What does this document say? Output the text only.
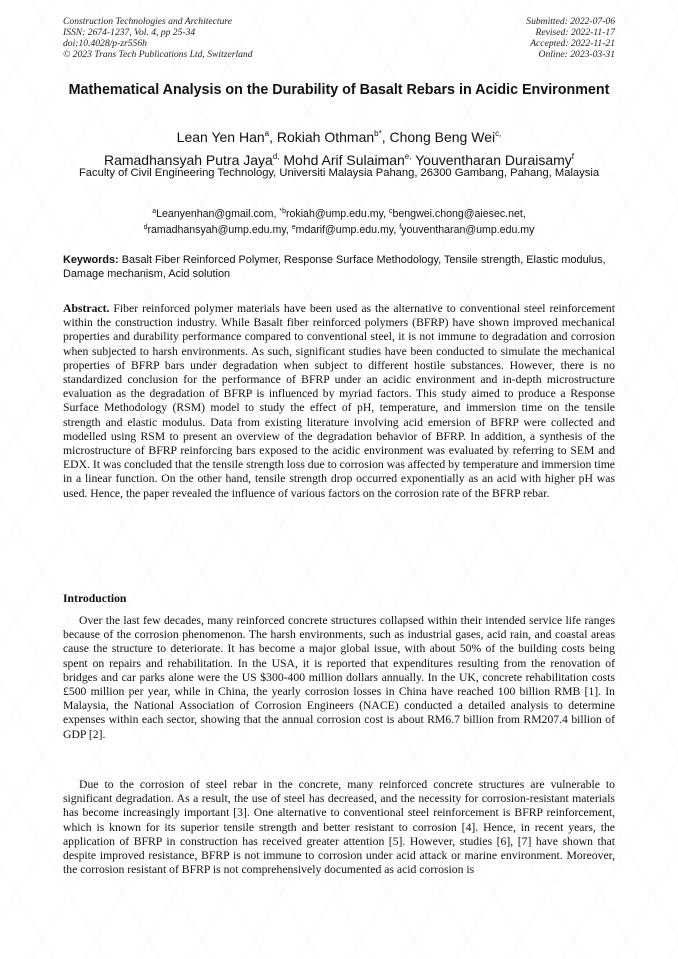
Construction Technologies and Architecture
ISSN: 2674-1237, Vol. 4, pp 25-34
doi:10.4028/p-zr556h
© 2023 Trans Tech Publications Ltd, Switzerland
Submitted: 2022-07-06
Revised: 2022-11-17
Accepted: 2022-11-21
Online: 2023-03-31
Mathematical Analysis on the Durability of Basalt Rebars in Acidic Environment
Lean Yen Han$^a$, Rokiah Othman$^{b*}$, Chong Beng Wei$^{c,}$
Ramadhansyah Putra Jaya$^{d,}$ Mohd Arif Sulaiman$^{e,}$ Youventharan Duraisamy$^f$
Faculty of Civil Engineering Technology, Universiti Malaysia Pahang, 26300 Gambang, Pahang, Malaysia
$^a$Leanyenhan@gmail.com, $^{*b}$rokiah@ump.edu.my, $^c$bengwei.chong@aiesec.net,
$^d$ramadhansyah@ump.edu.my, $^e$mdarif@ump.edu.my, $^f$youventharan@ump.edu.my
Keywords: Basalt Fiber Reinforced Polymer, Response Surface Methodology, Tensile strength, Elastic modulus, Damage mechanism, Acid solution
Abstract. Fiber reinforced polymer materials have been used as the alternative to conventional steel reinforcement within the construction industry. While Basalt fiber reinforced polymers (BFRP) have shown improved mechanical properties and durability performance compared to conventional steel, it is not immune to degradation and corrosion when subjected to harsh environments. As such, significant studies have been conducted to simulate the mechanical properties of BFRP bars under degradation when subject to different hostile substances. However, there is no standardized conclusion for the performance of BFRP under an acidic environment and in-depth microstructure evaluation as the degradation of BFRP is influenced by myriad factors. This study aimed to produce a Response Surface Methodology (RSM) model to study the effect of pH, temperature, and immersion time on the tensile strength and elastic modulus. Data from existing literature involving acid emersion of BFRP were collected and modelled using RSM to present an overview of the degradation behavior of BFRP. In addition, a synthesis of the microstructure of BFRP reinforcing bars exposed to the acidic environment was evaluated by referring to SEM and EDX. It was concluded that the tensile strength loss due to corrosion was affected by temperature and immersion time in a linear function. On the other hand, tensile strength drop occurred exponentially as an acid with higher pH was used. Hence, the paper revealed the influence of various factors on the corrosion rate of the BFRP rebar.
Introduction

Over the last few decades, many reinforced concrete structures collapsed within their intended service life ranges because of the corrosion phenomenon. The harsh environments, such as industrial gases, acid rain, and coastal areas cause the structure to deteriorate. It has become a major global issue, with about 50% of the building costs being spent on repairs and rehabilitation. In the USA, it is reported that expenditures resulting from the renovation of bridges and car parks alone were the US $300-400 million dollars annually. In the UK, concrete rehabilitation costs £500 million per year, while in China, the yearly corrosion losses in China have reached 100 billion RMB [1]. In Malaysia, the National Association of Corrosion Engineers (NACE) conducted a detailed analysis to determine expenses within each sector, showing that the annual corrosion cost is about RM6.7 billion from RM207.4 billion of GDP [2].

Due to the corrosion of steel rebar in the concrete, many reinforced concrete structures are vulnerable to significant degradation. As a result, the use of steel has decreased, and the necessity for corrosion-resistant materials has become increasingly important [3]. One alternative to conventional steel reinforcement is BFRP reinforcement, which is known for its superior tensile strength and better resistant to corrosion [4]. Hence, in recent years, the application of BFRP in construction has received greater attention [5]. However, studies [6], [7] have shown that despite improved resistance, BFRP is not immune to corrosion under acid attack or marine environment. Moreover, the corrosion resistant of BFRP is not comprehensively documented as acid corrosion is
